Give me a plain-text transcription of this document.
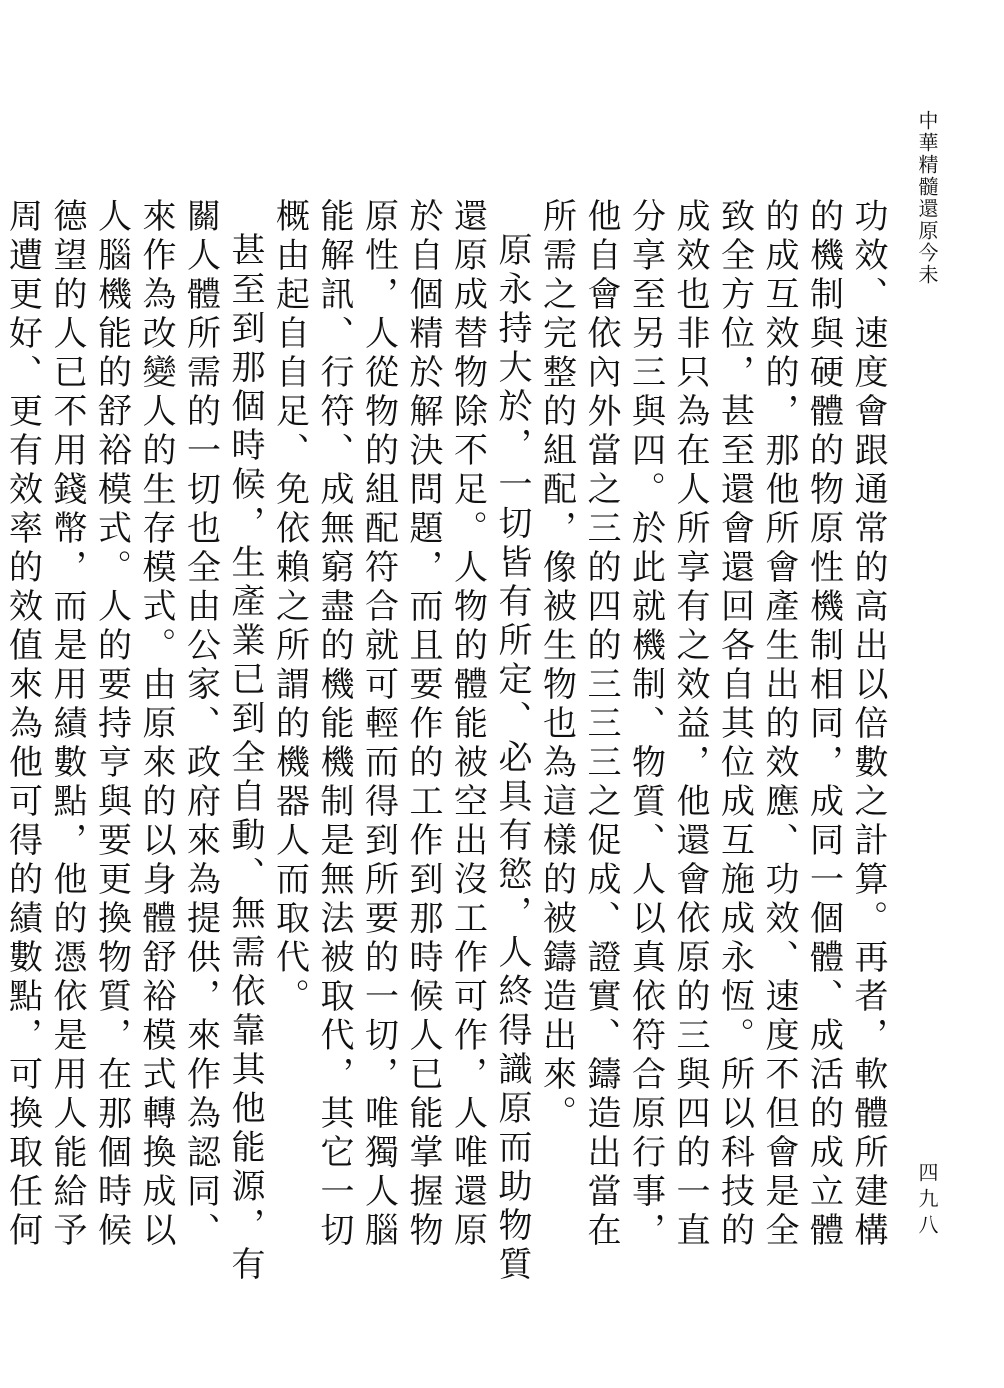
中華精髓還原今未
四九八

功效、速度會跟通常的高出以倍數之計算。再者，軟體所建構的機制與硬體的物原性機制相同，成同一個體、成活的成立體的成互效的，那他所會產生出的效應、功效、速度不但會是全致全方位，甚至還會還回各自其位成互施成永恆。所以科技的成效也非只為在人所享有之效益，他還會依原的三與四的一直分享至另三與四。於此就機制、物質、人以真依符合原行事，他自會依內外當之三的四的三三三之促成、證實、鑄造出當在所需之完整的組配，像被生物也為這樣的被鑄造出來。

原永持大於，一切皆有所定、必具有慾，人終得識原而助物質還原成替物除不足。人物的體能被空出沒工作可作，人唯還原於自個精於解決問題，而且要作的工作到那時候人已能掌握物原性，人從物的組配符合就可輕而得到所要的一切，唯獨人腦能解訊、行符、成無窮盡的機能機制是無法被取代，其它一切概由起自自足、免依賴之所謂的機器人而取代。

甚至到那個時候，生產業已到全自動、無需依靠其他能源，有關人體所需的一切也全由公家、政府來為提供，來作為認同、來作為改變人的生存模式。由原來的以身體舒裕模式轉換成以人腦機能的舒裕模式。人的要持亨與要更換物質，在那個時候德望的人已不用錢幣，而是用績數點，他的憑依是用人能給予周遭更好、更有效率的效值來為他可得的績數點，可換取任何
